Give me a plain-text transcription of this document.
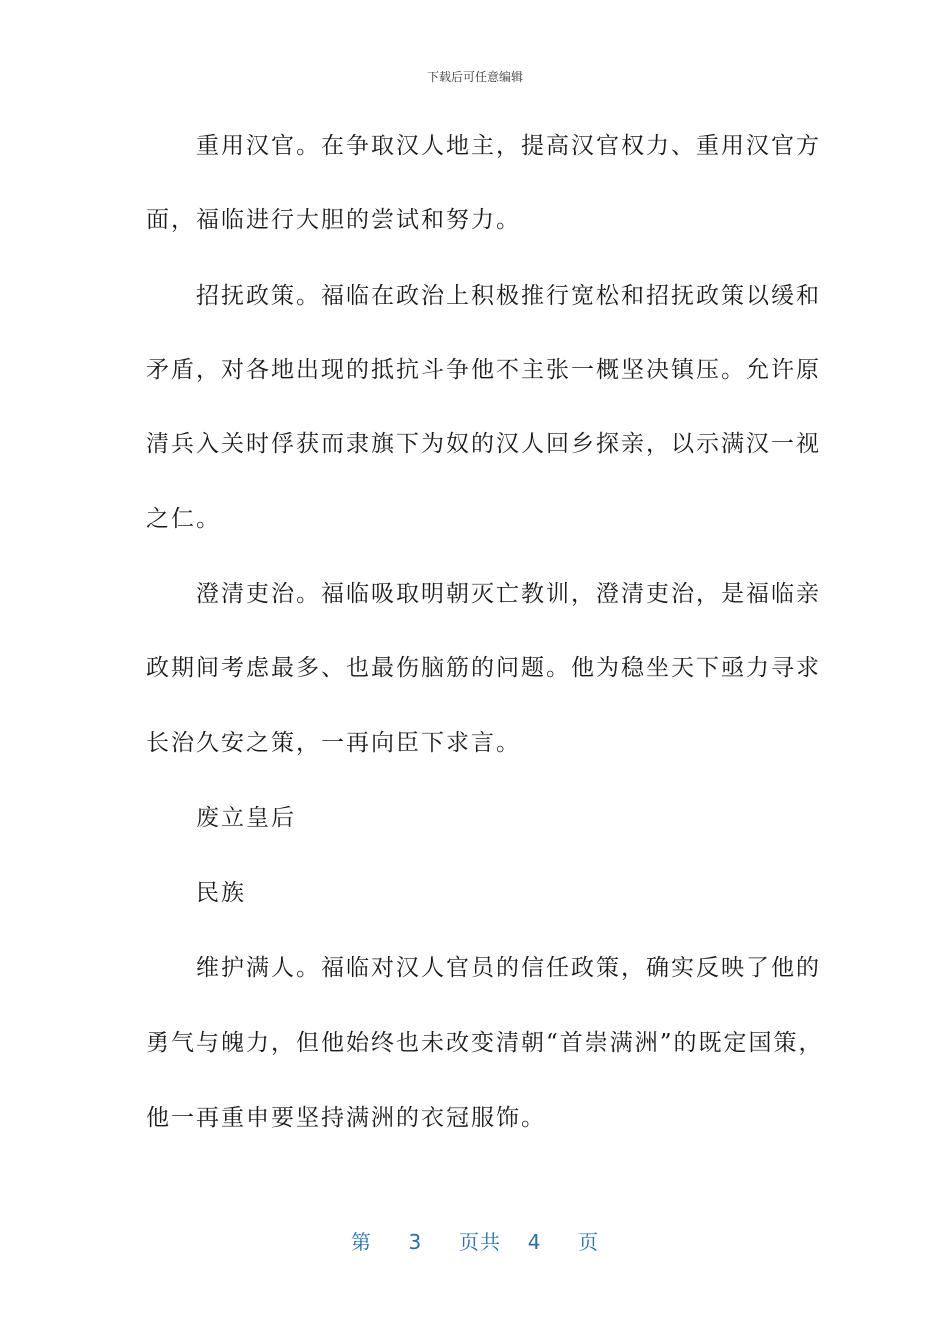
下载后可任意编辑
　　重用汉官。在争取汉人地主，提高汉官权力、重用汉官方
面，福临进行大胆的尝试和努力。
　　招抚政策。福临在政治上积极推行宽松和招抚政策以缓和
矛盾，对各地出现的抵抗斗争他不主张一概坚决镇压。允许原
清兵入关时俘获而隶旗下为奴的汉人回乡探亲，以示满汉一视
之仁。
　　澄清吏治。福临吸取明朝灭亡教训，澄清吏治，是福临亲
政期间考虑最多、也最伤脑筋的问题。他为稳坐天下亟力寻求
长治久安之策，一再向臣下求言。
　　废立皇后
　　民族
　　维护满人。福临对汉人官员的信任政策，确实反映了他的
勇气与魄力，但他始终也未改变清朝“首崇满洲”的既定国策，
他一再重申要坚持满洲的衣冠服饰。
第 3 页共 4 页
